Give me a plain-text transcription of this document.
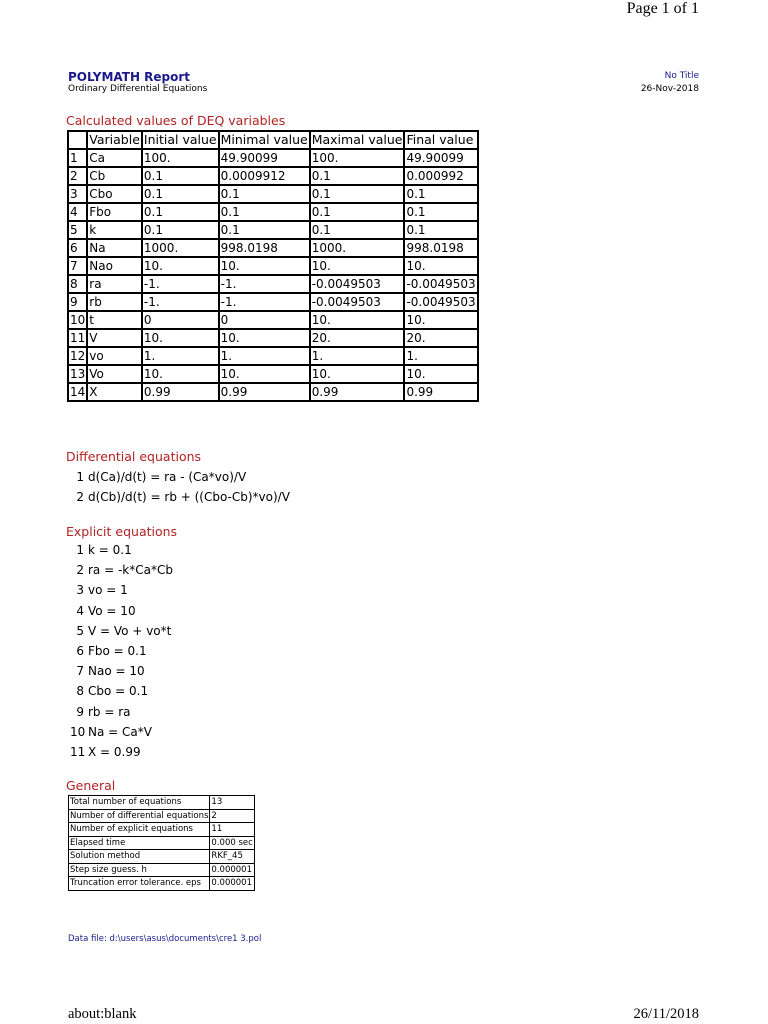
Page 1 of 1
POLYMATH Report
Ordinary Differential Equations
No Title
26-Nov-2018
Calculated values of DEQ variables
	Variable	Initial value	Minimal value	Maximal value	Final value
1	Ca	100.	49.90099	100.	49.90099
2	Cb	0.1	0.0009912	0.1	0.000992
3	Cbo	0.1	0.1	0.1	0.1
4	Fbo	0.1	0.1	0.1	0.1
5	k	0.1	0.1	0.1	0.1
6	Na	1000.	998.0198	1000.	998.0198
7	Nao	10.	10.	10.	10.
8	ra	-1.	-1.	-0.0049503	-0.0049503
9	rb	-1.	-1.	-0.0049503	-0.0049503
10	t	0	0	10.	10.
11	V	10.	10.	20.	20.
12	vo	1.	1.	1.	1.
13	Vo	10.	10.	10.	10.
14	X	0.99	0.99	0.99	0.99
Differential equations
1 d(Ca)/d(t) = ra - (Ca*vo)/V
2 d(Cb)/d(t) = rb + ((Cbo-Cb)*vo)/V
Explicit equations
1 k = 0.1
2 ra = -k*Ca*Cb
3 vo = 1
4 Vo = 10
5 V = Vo + vo*t
6 Fbo = 0.1
7 Nao = 10
8 Cbo = 0.1
9 rb = ra
10 Na = Ca*V
11 X = 0.99
General
Total number of equations	13
Number of differential equations	2
Number of explicit equations	11
Elapsed time	0.000 sec
Solution method	RKF_45
Step size guess. h	0.000001
Truncation error tolerance. eps	0.000001
Data file: d:\users\asus\documents\cre1 3.pol
about:blank	26/11/2018
